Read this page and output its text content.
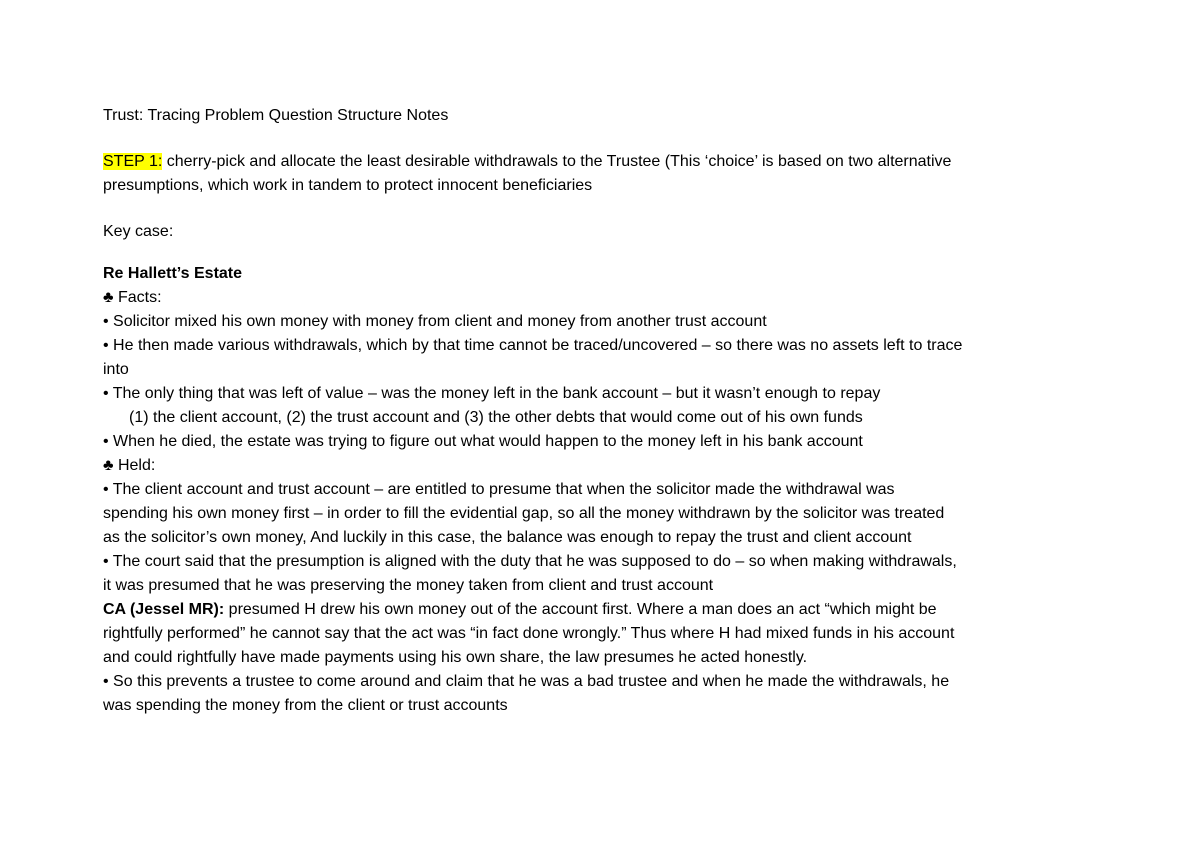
Trust: Tracing Problem Question Structure Notes
STEP 1: cherry-pick and allocate the least desirable withdrawals to the Trustee (This ‘choice’ is based on two alternative
presumptions, which work in tandem to protect innocent beneficiaries
Key case:
Re Hallett’s Estate
♣ Facts:
• Solicitor mixed his own money with money from client and money from another trust account
• He then made various withdrawals, which by that time cannot be traced/uncovered – so there was no assets left to trace
into
• The only thing that was left of value – was the money left in the bank account – but it wasn’t enough to repay
(1) the client account, (2) the trust account and (3) the other debts that would come out of his own funds
• When he died, the estate was trying to figure out what would happen to the money left in his bank account
♣ Held:
• The client account and trust account – are entitled to presume that when the solicitor made the withdrawal was
spending his own money first – in order to fill the evidential gap, so all the money withdrawn by the solicitor was treated
as the solicitor’s own money, And luckily in this case, the balance was enough to repay the trust and client account
• The court said that the presumption is aligned with the duty that he was supposed to do – so when making withdrawals,
it was presumed that he was preserving the money taken from client and trust account
CA (Jessel MR): presumed H drew his own money out of the account first. Where a man does an act “which might be
rightfully performed” he cannot say that the act was “in fact done wrongly.” Thus where H had mixed funds in his account
and could rightfully have made payments using his own share, the law presumes he acted honestly.
• So this prevents a trustee to come around and claim that he was a bad trustee and when he made the withdrawals, he
was spending the money from the client or trust accounts
